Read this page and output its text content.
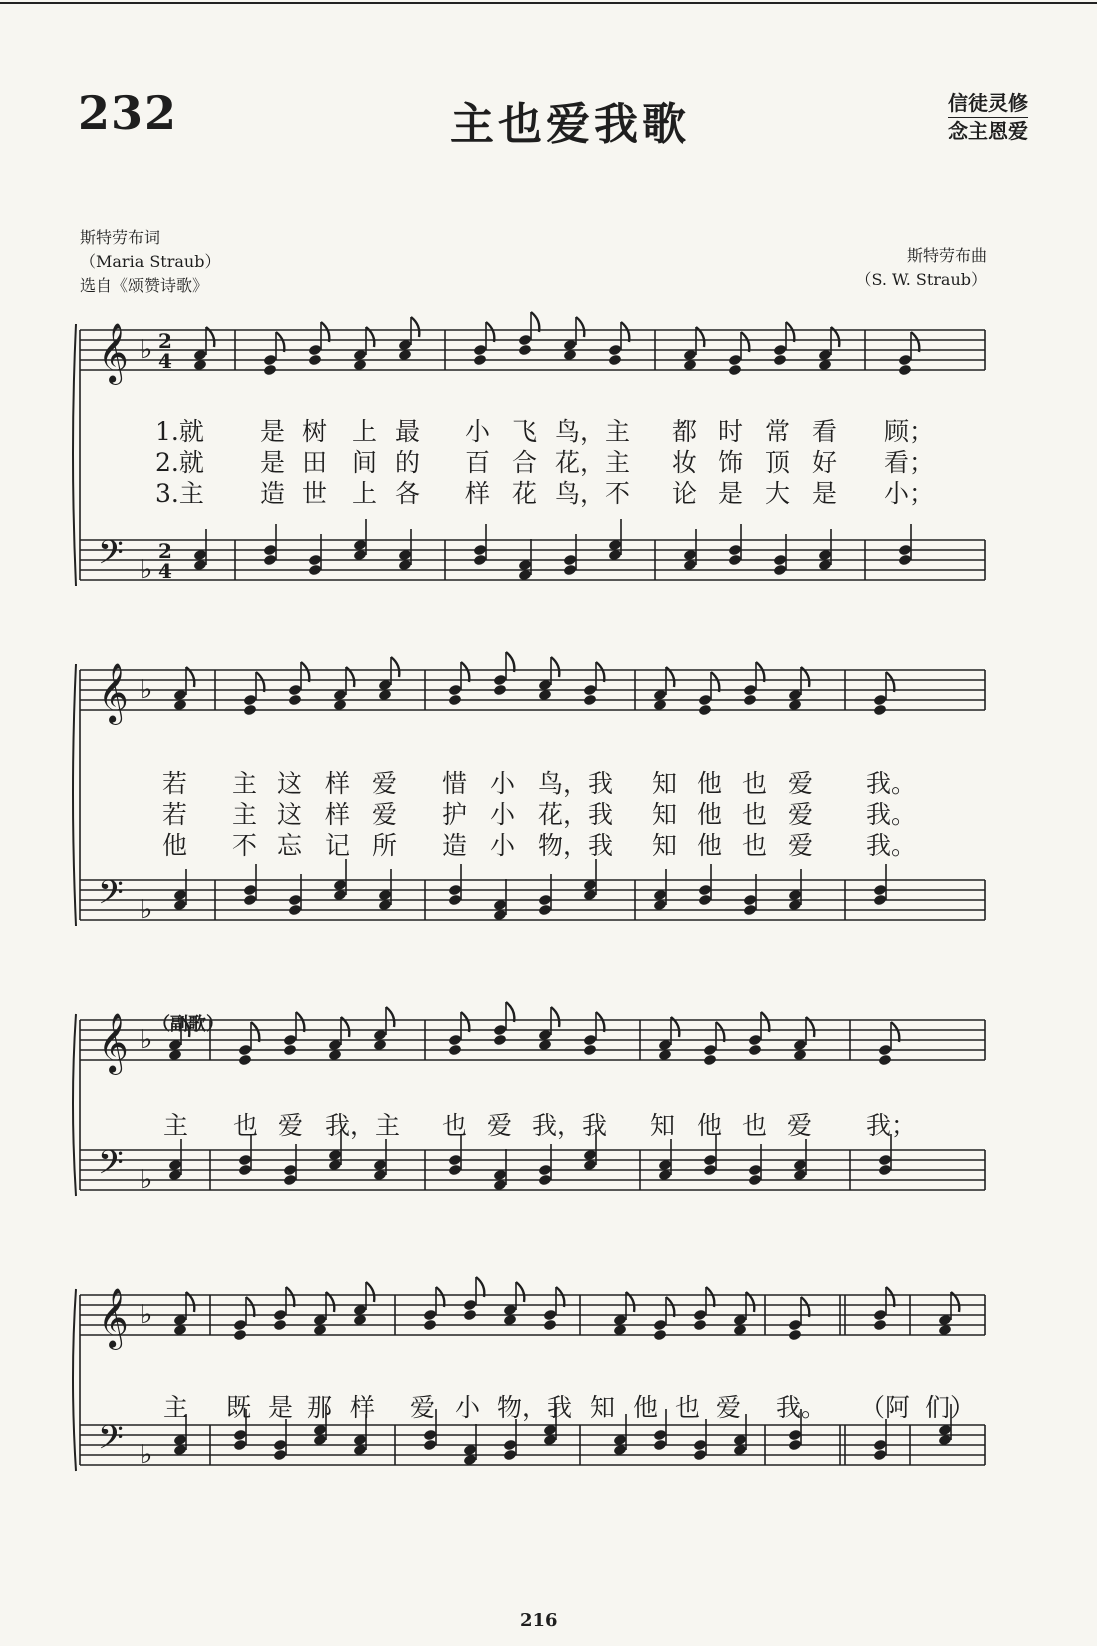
232	主也爱我歌	信徒灵修
念主恩爱
斯特劳布词
（Maria Straub）
选自《颂赞诗歌》
斯特劳布曲
（S. W. Straub）
（副歌）
𝄞 ♭ 2
4
𝄢 ♭
2
4
𝄞 ♭
𝄢 ♭
𝄞 ♭
𝄢 ♭
𝄞 ♭
𝄢 ♭
1.就 是 树 上 最 小 飞 鸟，主 都 时 常 看 顾；
2.就 是 田 间 的 百 合 花，主 妆 饰 顶 好 看；
3.主 造 世 上 各 样 花 鸟，不 论 是 大 是 小；
若 主 这 样 爱 惜 小 鸟，我 知 他 也 爱 我。
若 主 这 样 爱 护 小 花，我 知 他 也 爱 我。
他 不 忘 记 所 造 小 物，我 知 他 也 爱 我。
主 也 爱 我，主 也 爱 我，我 知 他 也 爱 我；
主 既 是 那 样 爱 小 物，我 知 他 也 爱 我。 （阿 们）
216
